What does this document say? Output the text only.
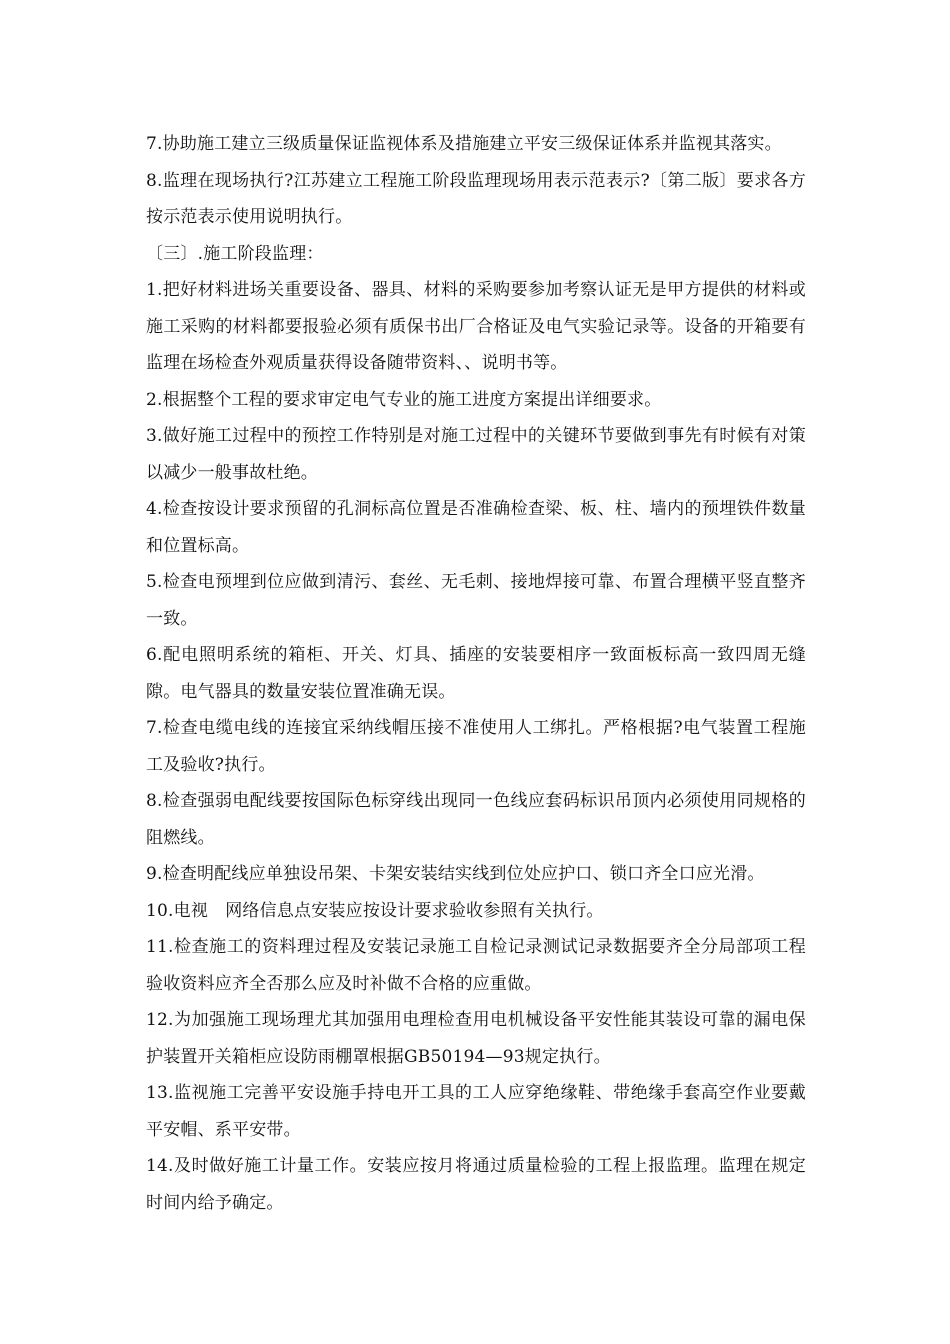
7.协助施工建立三级质量保证监视体系及措施建立平安三级保证体系并监视其落实。

8.监理在现场执行?江苏建立工程施工阶段监理现场用表示范表示?〔第二版〕要求各方按示范表示使用说明执行。

〔三〕.施工阶段监理：

1.把好材料进场关重要设备、器具、材料的采购要参加考察认证无是甲方提供的材料或施工采购的材料都要报验必须有质保书出厂合格证及电气实验记录等。设备的开箱要有监理在场检查外观质量获得设备随带资料、、说明书等。

2.根据整个工程的要求审定电气专业的施工进度方案提出详细要求。

3.做好施工过程中的预控工作特别是对施工过程中的关键环节要做到事先有时候有对策以减少一般事故杜绝。

4.检查按设计要求预留的孔洞标高位置是否准确检查梁、板、柱、墙内的预埋铁件数量和位置标高。

5.检查电预埋到位应做到清污、套丝、无毛刺、接地焊接可靠、布置合理横平竖直整齐一致。

6.配电照明系统的箱柜、开关、灯具、插座的安装要相序一致面板标高一致四周无缝隙。电气器具的数量安装位置准确无误。

7.检查电缆电线的连接宜采纳线帽压接不准使用人工绑扎。严格根据?电气装置工程施工及验收?执行。

8.检查强弱电配线要按国际色标穿线出现同一色线应套码标识吊顶内必须使用同规格的阻燃线。

9.检查明配线应单独设吊架、卡架安装结实线到位处应护口、锁口齐全口应光滑。

10.电视　网络信息点安装应按设计要求验收参照有关执行。

11.检查施工的资料理过程及安装记录施工自检记录测试记录数据要齐全分局部项工程验收资料应齐全否那么应及时补做不合格的应重做。

12.为加强施工现场理尤其加强用电理检查用电机械设备平安性能其装设可靠的漏电保护装置开关箱柜应设防雨棚罩根据GB50194—93规定执行。

13.监视施工完善平安设施手持电开工具的工人应穿绝缘鞋、带绝缘手套高空作业要戴平安帽、系平安带。

14.及时做好施工计量工作。安装应按月将通过质量检验的工程上报监理。监理在规定时间内给予确定。
